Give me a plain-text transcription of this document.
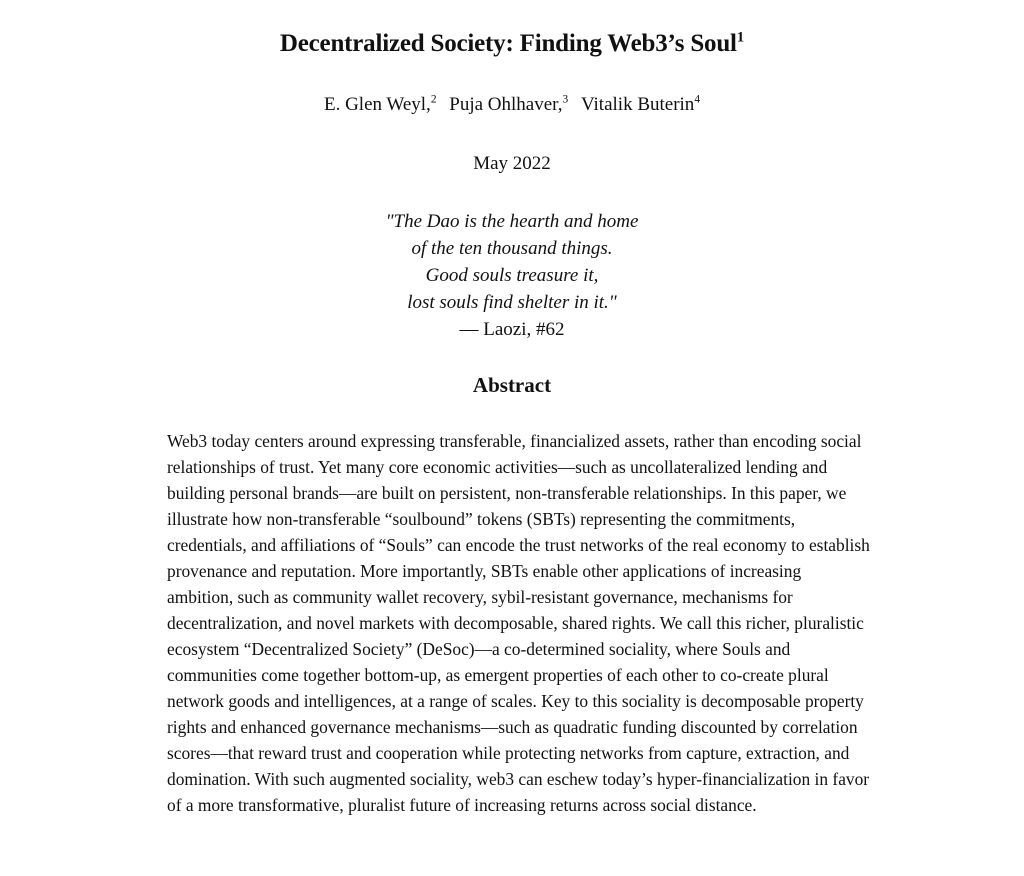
Decentralized Society: Finding Web3’s Soul$^1$
E. Glen Weyl,$^2$ Puja Ohlhaver,$^3$ Vitalik Buterin$^4$
May 2022
"The Dao is the hearth and home
of the ten thousand things.
Good souls treasure it,
lost souls find shelter in it."
— Laozi, #62
Abstract
Web3 today centers around expressing transferable, financialized assets, rather than encoding social
relationships of trust. Yet many core economic activities—such as uncollateralized lending and
building personal brands—are built on persistent, non-transferable relationships. In this paper, we
illustrate how non-transferable “soulbound” tokens (SBTs) representing the commitments,
credentials, and affiliations of “Souls” can encode the trust networks of the real economy to establish
provenance and reputation. More importantly, SBTs enable other applications of increasing
ambition, such as community wallet recovery, sybil-resistant governance, mechanisms for
decentralization, and novel markets with decomposable, shared rights. We call this richer, pluralistic
ecosystem “Decentralized Society” (DeSoc)—a co-determined sociality, where Souls and
communities come together bottom-up, as emergent properties of each other to co-create plural
network goods and intelligences, at a range of scales. Key to this sociality is decomposable property
rights and enhanced governance mechanisms—such as quadratic funding discounted by correlation
scores—that reward trust and cooperation while protecting networks from capture, extraction, and
domination. With such augmented sociality, web3 can eschew today’s hyper-financialization in favor
of a more transformative, pluralist future of increasing returns across social distance.
